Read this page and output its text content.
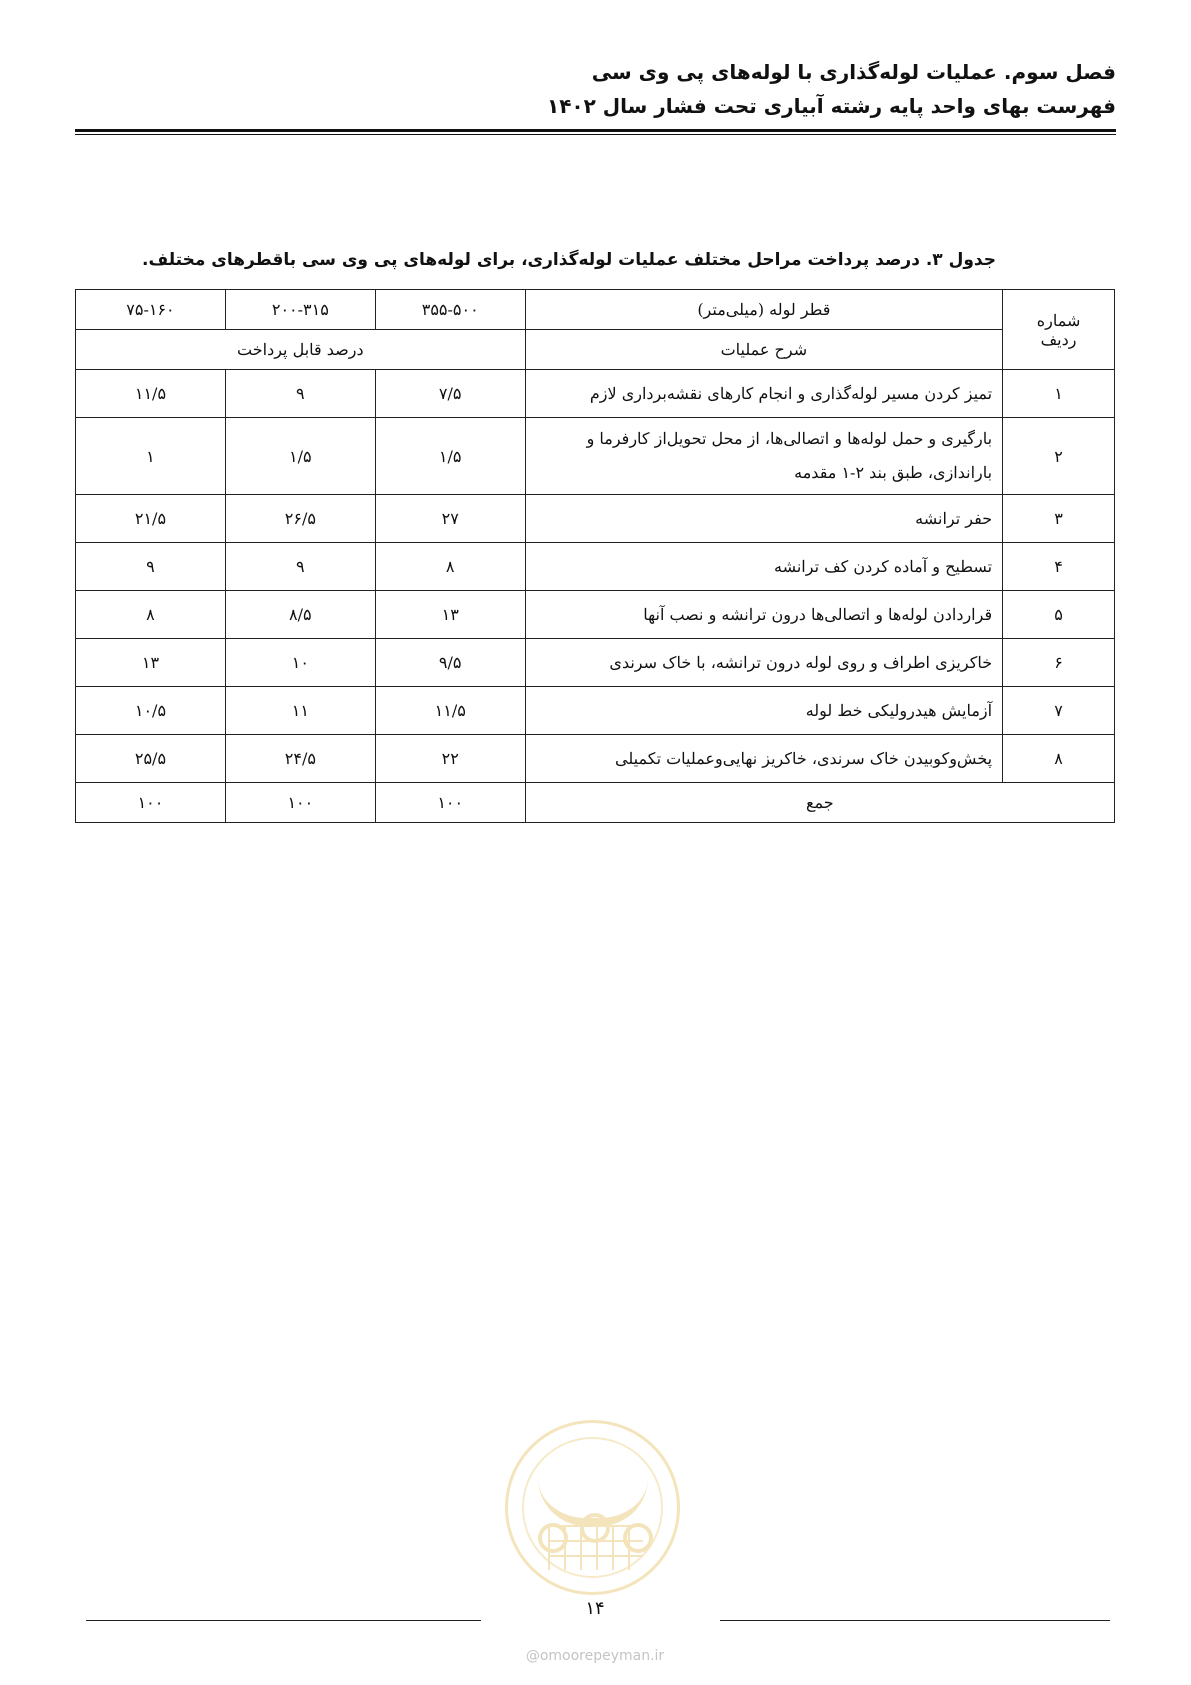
فصل سوم. عملیات لوله‌گذاری با لوله‌های پی وی سی
فهرست بهای واحد پایه رشته آبیاری تحت فشار سال ۱۴۰۲
جدول ۳. درصد پرداخت مراحل مختلف عملیات لوله‌گذاری، برای لوله‌های پی وی سی باقطرهای مختلف.
شماره
ردیف	قطر لوله (میلی‌متر)	۳۵۵-۵۰۰	۲۰۰-۳۱۵	۷۵-۱۶۰
	شرح عملیات	درصد قابل پرداخت		
۱	تمیز کردن مسیر لوله‌گذاری و انجام کارهای نقشه‌برداری لازم	۷/۵	۹	۱۱/۵
۲	بارگیری و حمل لوله‌ها و اتصالی‌ها، از محل تحویل‌از کارفرما و باراندازی، طبق بند ۲-۱ مقدمه	۱/۵	۱/۵	۱
۳	حفر ترانشه	۲۷	۲۶/۵	۲۱/۵
۴	تسطیح و آماده کردن کف ترانشه	۸	۹	۹
۵	قراردادن لوله‌ها و اتصالی‌ها درون ترانشه و نصب آنها	۱۳	۸/۵	۸
۶	خاکریزی اطراف و روی لوله درون ترانشه، با خاک سرندی	۹/۵	۱۰	۱۳
۷	آزمایش هیدرولیکی خط لوله	۱۱/۵	۱۱	۱۰/۵
۸	پخش‌وکوبیدن خاک سرندی، خاکریز نهایی‌وعملیات تکمیلی	۲۲	۲۴/۵	۲۵/۵
جمع		۱۰۰	۱۰۰	۱۰۰
۱۴
@omoorepeyman.ir
